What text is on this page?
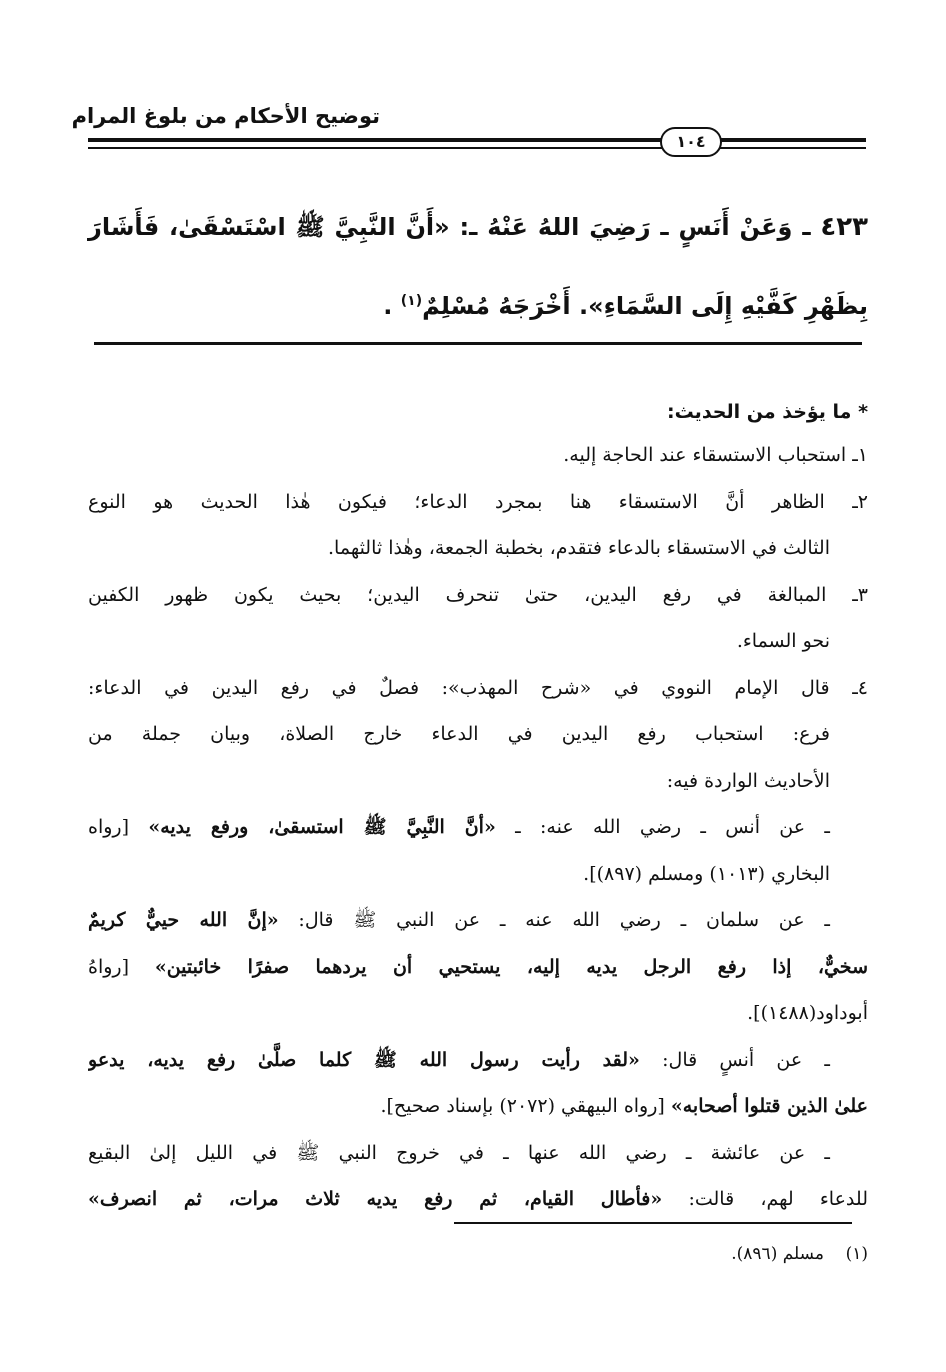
توضيح الأحكام من بلوغ المرام
١٠٤
٤٢٣ ـ وَعَنْ أَنَسٍ ـ رَضِيَ اللهُ عَنْهُ ـ: «أَنَّ النَّبِيَّ ﷺ اسْتَسْقَىٰ، فَأَشَارَ بِظَهْرِ كَفَّيْهِ إِلَى السَّمَاءِ». أَخْرَجَهُ مُسْلِمٌ$^{(١)}$ .
* ما يؤخذ من الحديث:
١ـ استحباب الاستسقاء عند الحاجة إليه.
٢ـ الظاهر أنَّ الاستسقاء هنا بمجرد الدعاء؛ فيكون هٰذا الحديث هو النوع
الثالث في الاستسقاء بالدعاء فتقدم، بخطبة الجمعة، وهٰذا ثالثهما.
٣ـ المبالغة في رفع اليدين، حتىٰ تنحرف اليدين؛ بحيث يكون ظهور الكفين
نحو السماء.
٤ـ قال الإمام النووي في «شرح المهذب»: فصلٌ في رفع اليدين في الدعاء:
فرع: استحباب رفع اليدين في الدعاء خارج الصلاة، وبيان جملة من
الأحاديث الواردة فيه:
ـ عن أنس ـ رضي الله عنه: ـ «أنَّ النَّبِيَّ ﷺ استسقىٰ، ورفع يديه» [رواه
البخاري (١٠١٣) ومسلم (٨٩٧)].
ـ عن سلمان ـ رضي الله عنه ـ عن النبي ﷺ قال: «إنَّ الله حييٌّ كريمٌ
سخيٌّ، إذا رفع الرجل يديه إليه، يستحيي أن يردهما صفرًا خائبتين» [رواهُ
أبوداود(١٤٨٨)].
ـ عن أنسٍ قال: «لقد رأيت رسول الله ﷺ كلما صلَّىٰ رفع يديه، يدعو
علىٰ الذين قتلوا أصحابه» [رواه البيهقي (٢٠٧٢) بإسناد صحيح].
ـ عن عائشة ـ رضي الله عنها ـ في خروج النبي ﷺ في الليل إلىٰ البقيع
للدعاء لهم، قالت: «فأطال القيام، ثم رفع يديه ثلاث مرات، ثم انصرف»
(١)    مسلم (٨٩٦).
